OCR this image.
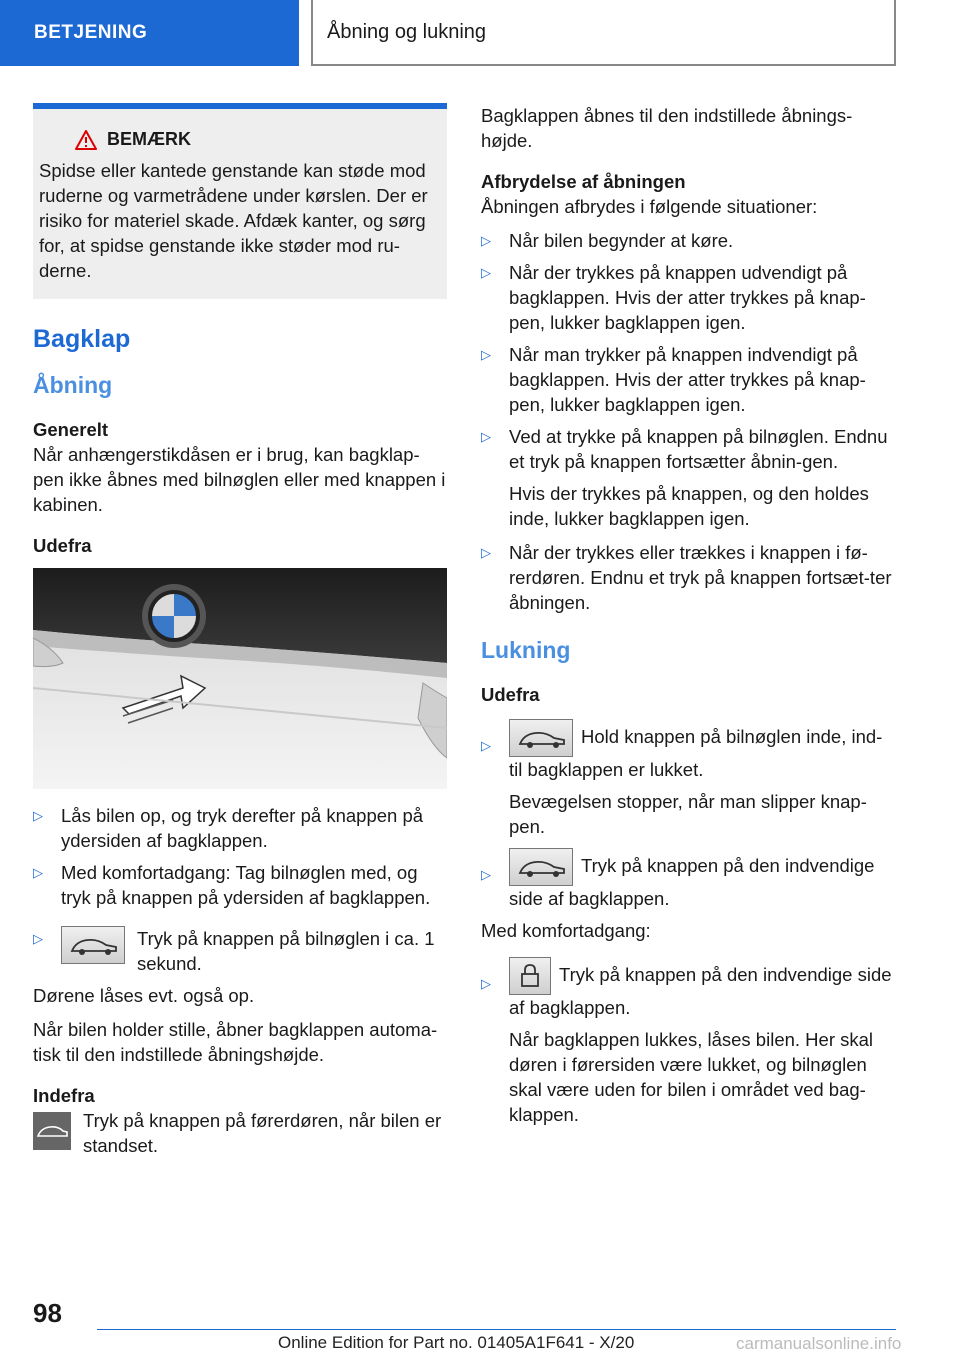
BETJENING	Åbning og lukning
BEMÆRK
Spidse eller kantede genstande kan støde mod ruderne og varmetrådene under kørslen. Der er risiko for materiel skade. Afdæk kanter, og sørg for, at spidse genstande ikke støder mod ru-derne.
Bagklap
Åbning
Generelt

Når anhængerstikdåsen er i brug, kan bagklap-pen ikke åbnes med bilnøglen eller med knappen i kabinen.

Udefra
▷ Lås bilen op, og tryk derefter på knappen på ydersiden af bagklappen.
▷ Med komfortadgang: Tag bilnøglen med, og tryk på knappen på ydersiden af bagklappen.
▷	Tryk på knappen på bilnøglen i ca. 1 sekund.

Dørene låses evt. også op.

Når bilen holder stille, åbner bagklappen automa-tisk til den indstillede åbningshøjde.

Indefra
Tryk på knappen på førerdøren, når bilen er standset.

Bagklappen åbnes til den indstillede åbnings-højde.

Afbrydelse af åbningen

Åbningen afbrydes i følgende situationer:

▷ Når bilen begynder at køre.
▷ Når der trykkes på knappen udvendigt på bagklappen. Hvis der atter trykkes på knap-pen, lukker bagklappen igen.
▷ Når man trykker på knappen indvendigt på bagklappen. Hvis der atter trykkes på knap-pen, lukker bagklappen igen.
▷ Ved at trykke på knappen på bilnøglen. Endnu et tryk på knappen fortsætter åbnin-gen.
Hvis der trykkes på knappen, og den holdes inde, lukker bagklappen igen.
▷ Når der trykkes eller trækkes i knappen i fø-rerdøren. Endnu et tryk på knappen fortsæt-ter åbningen.
Lukning
Udefra
▷	Hold knappen på bilnøglen inde, ind-til bagklappen er lukket.
Bevægelsen stopper, når man slipper knap-pen.
▷	Tryk på knappen på den indvendige side af bagklappen.

Med komfortadgang:

▷	Tryk på knappen på den indvendige side af bagklappen.
Når bagklappen lukkes, låses bilen. Her skal døren i førersiden være lukket, og bilnøglen skal være uden for bilen i området ved bag-klappen.
98
Online Edition for Part no. 01405A1F641 - X/20	carmanualsonline.info
